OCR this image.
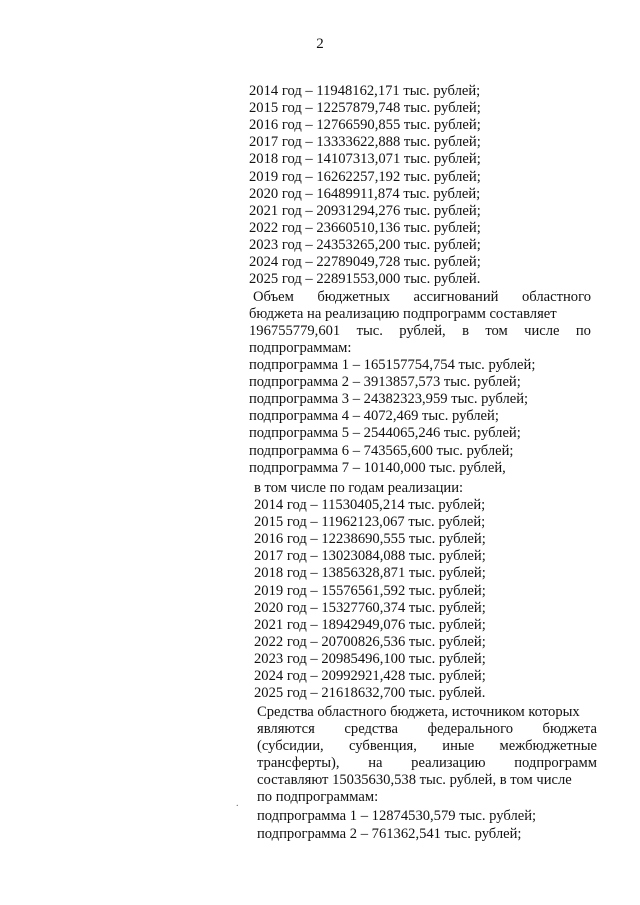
2
2014 год – 11948162,171 тыс. рублей;
2015 год – 12257879,748 тыс. рублей;
2016 год – 12766590,855 тыс. рублей;
2017 год – 13333622,888 тыс. рублей;
2018 год – 14107313,071 тыс. рублей;
2019 год – 16262257,192 тыс. рублей;
2020 год – 16489911,874 тыс. рублей;
2021 год – 20931294,276 тыс. рублей;
2022 год – 23660510,136 тыс. рублей;
2023 год – 24353265,200 тыс. рублей;
2024 год – 22789049,728 тыс. рублей;
2025 год – 22891553,000 тыс. рублей.
Объем бюджетных ассигнований областного
бюджета на реализацию подпрограмм составляет
196755779,601 тыс. рублей, в том числе по
подпрограммам:
подпрограмма 1 – 165157754,754 тыс. рублей;
подпрограмма 2 – 3913857,573 тыс. рублей;
подпрограмма 3 – 24382323,959 тыс. рублей;
подпрограмма 4 – 4072,469 тыс. рублей;
подпрограмма 5 – 2544065,246 тыс. рублей;
подпрограмма 6 – 743565,600 тыс. рублей;
подпрограмма 7 – 10140,000 тыс. рублей,
в том числе по годам реализации:
2014 год – 11530405,214 тыс. рублей;
2015 год – 11962123,067 тыс. рублей;
2016 год – 12238690,555 тыс. рублей;
2017 год – 13023084,088 тыс. рублей;
2018 год – 13856328,871 тыс. рублей;
2019 год – 15576561,592 тыс. рублей;
2020 год – 15327760,374 тыс. рублей;
2021 год – 18942949,076 тыс. рублей;
2022 год – 20700826,536 тыс. рублей;
2023 год – 20985496,100 тыс. рублей;
2024 год – 20992921,428 тыс. рублей;
2025 год – 21618632,700 тыс. рублей.
Средства областного бюджета, источником которых
являются средства федерального бюджета
(субсидии, субвенция, иные межбюджетные
трансферты), на реализацию подпрограмм
составляют 15035630,538 тыс. рублей, в том числе
по подпрограммам:
подпрограмма 1 – 12874530,579 тыс. рублей;
подпрограмма 2 – 761362,541 тыс. рублей;
.
